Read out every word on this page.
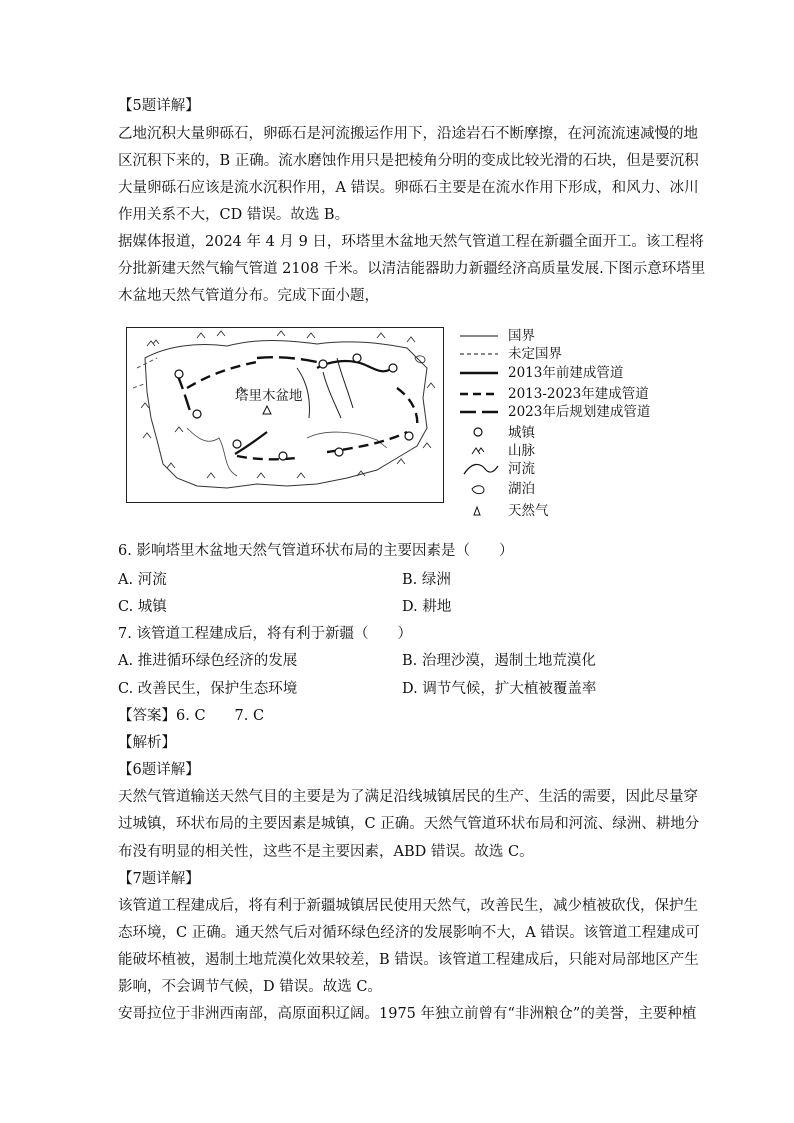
【5题详解】
乙地沉积大量卵砾石，卵砾石是河流搬运作用下，沿途岩石不断摩擦，在河流流速减慢的地
区沉积下来的，B 正确。流水磨蚀作用只是把棱角分明的变成比较光滑的石块，但是要沉积
大量卵砾石应该是流水沉积作用，A 错误。卵砾石主要是在流水作用下形成，和风力、冰川
作用关系不大，CD 错误。故选 B。
据媒体报道，2024 年 4 月 9 日，环塔里木盆地天然气管道工程在新疆全面开工。该工程将
分批新建天然气输气管道 2108 千米。以清洁能器助力新疆经济高质量发展.下图示意环塔里
木盆地天然气管道分布。完成下面小题，
塔里木盆地
国界
未定国界
2013年前建成管道
2013-2023年建成管道
2023年后规划建成管道
城镇
山脉
河流
湖泊
天然气
6. 影响塔里木盆地天然气管道环状布局的主要因素是（　　）
A. 河流	B. 绿洲
C. 城镇	D. 耕地
7. 该管道工程建成后，将有利于新疆（　　）
A. 推进循环绿色经济的发展	B. 治理沙漠，遏制土地荒漠化
C. 改善民生，保护生态环境	D. 调节气候，扩大植被覆盖率
【答案】6. C　　7. C
【解析】
【6题详解】
天然气管道输送天然气目的主要是为了满足沿线城镇居民的生产、生活的需要，因此尽量穿
过城镇，环状布局的主要因素是城镇，C 正确。天然气管道环状布局和河流、绿洲、耕地分
布没有明显的相关性，这些不是主要因素，ABD 错误。故选 C。
【7题详解】
该管道工程建成后，将有利于新疆城镇居民使用天然气，改善民生，减少植被砍伐，保护生
态环境，C 正确。通天然气后对循环绿色经济的发展影响不大，A 错误。该管道工程建成可
能破坏植被，遏制土地荒漠化效果较差，B 错误。该管道工程建成后，只能对局部地区产生
影响，不会调节气候，D 错误。故选 C。
安哥拉位于非洲西南部，高原面积辽阔。1975 年独立前曾有“非洲粮仓”的美誉，主要种植
